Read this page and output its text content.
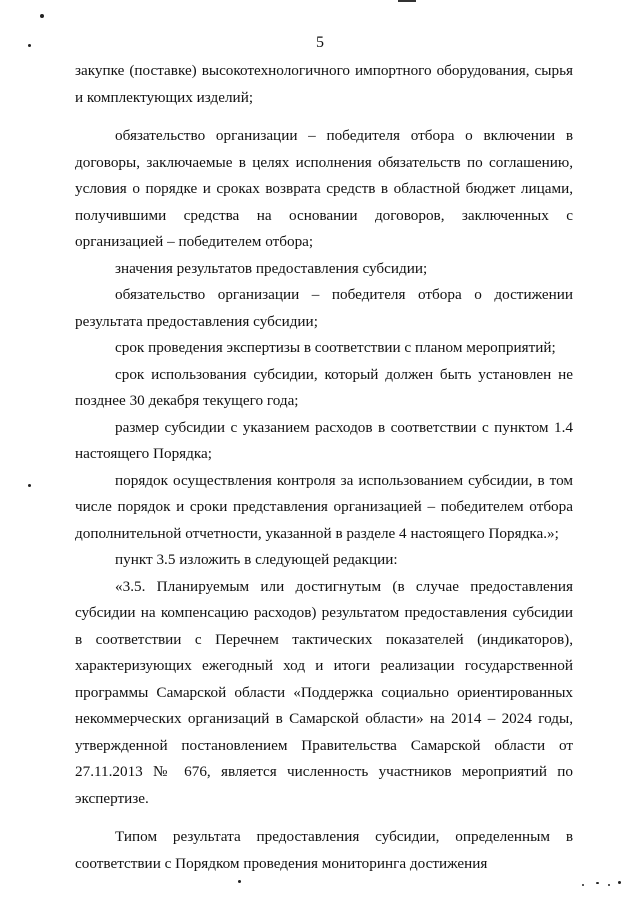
5

закупке (поставке) высокотехнологичного импортного оборудования, сырья и комплектующих изделий;

обязательство организации – победителя отбора о включении в договоры, заключаемые в целях исполнения обязательств по соглашению, условия о порядке и сроках возврата средств в областной бюджет лицами, получившими средства на основании договоров, заключенных с организацией – победителем отбора;

значения результатов предоставления субсидии;

обязательство организации – победителя отбора о достижении результата предоставления субсидии;

срок проведения экспертизы в соответствии с планом мероприятий;

срок использования субсидии, который должен быть установлен не позднее 30 декабря текущего года;

размер субсидии с указанием расходов в соответствии с пунктом 1.4 настоящего Порядка;

порядок осуществления контроля за использованием субсидии, в том числе порядок и сроки представления организацией – победителем отбора дополнительной отчетности, указанной в разделе 4 настоящего Порядка.»;

пункт 3.5 изложить в следующей редакции:

«3.5. Планируемым или достигнутым (в случае предоставления субсидии на компенсацию расходов) результатом предоставления субсидии в соответствии с Перечнем тактических показателей (индикаторов), характеризующих ежегодный ход и итоги реализации государственной программы Самарской области «Поддержка социально ориентированных некоммерческих организаций в Самарской области» на 2014 – 2024 годы, утвержденной постановлением Правительства Самарской области от 27.11.2013 № 676, является численность участников мероприятий по экспертизе.

Типом результата предоставления субсидии, определенным в соответствии с Порядком проведения мониторинга достижения
